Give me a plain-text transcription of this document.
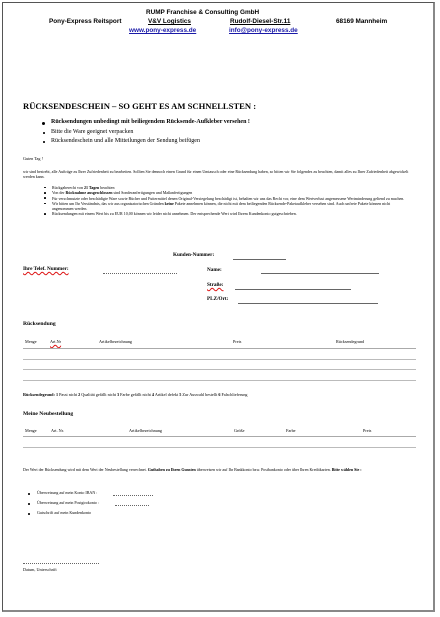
RUMP Franchise & Consulting GmbH
Pony-Express Reitsport	V&V Logistics	Rudolf-Diesel-Str.11	68169 Mannheim
www.pony-express.de	info@pony-express.de
RÜCKSENDESCHEIN – SO GEHT ES AM SCHNELLSTEN :
Rücksendungen unbedingt mit beiliegendem Rücksende-Aufkleber versehen !
Bitte die Ware geeignet verpacken
Rücksendeschein und alle Mitteilungen der Sendung beifügen
Guten Tag !
wir sind bestrebt, alle Aufträge zu Ihrer Zufriedenheit zu bearbeiten. Sollten Sie dennoch einen Grund für einen Umtausch oder eine Rücksendung haben, so bitten wir Sie folgendes zu beachten, damit alles zu Ihrer Zufriedenheit abgewickelt werden kann.
Rückgaberecht von 21 Tagen beachten
Von der Rücknahme ausgeschlossen sind Sonderanfertigungen und Maßanfertigungen
Für verschmutzte oder beschädigte Ware sowie Bücher und Futtermittel denen Original-Versiegelung beschädigt ist, behalten wir uns das Recht vor, eine dem Wertverlust angemessene Wertminderung geltend zu machen.
Wir bitten um Ihr Verständnis, das wir aus organisatorischen Gründen keine Pakete annehmen können, die nicht mit dem beiliegenden Rücksende-Paketaufkleber versehen sind. Auch unfreie Pakete können nicht angenommen werden.
Rücksendungen mit einem Wert bis zu EUR 10,00 können wir leider nicht annehmen. Der entsprechende Wert wird Ihrem Kundenkonto gutgeschrieben.
Kunden-Nummer:
Ihre Telef. Nummer:	Name:
Straße:
PLZ/Ort:
Rücksendung
Menge	Art.Nr	Artikelbezeichnung	Preis	Rücksendegrund
Rücksendegrund: 1 Passt nicht 2 Qualität gefällt nicht 3 Farbe gefällt nicht 4 Artikel defekt 5 Zur Auswahl bestellt 6 Falschlieferung
Meine Neubestellung
Menge	Art. Nr.	Artikelbezeichnung	Größe	Farbe	Preis
Der Wert der Rücksendung wird mit dem Wert der Neubestellung verrechnet. Guthaben zu Ihren Gunsten überweisen wir auf Ihr Bankkonto bzw. Postbankonto oder über Ihren Kreditkarten. Bitte wählen Sie :
Überweisung auf mein Konto IBAN :
Überweisung auf mein Postgirokonto :
Gutschrift auf mein Kundenkonto
Datum, Unterschrift
